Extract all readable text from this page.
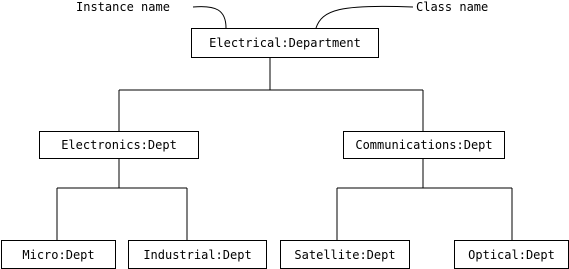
Instance name	Class name
Electrical:Department
Electronics:Dept	Communications:Dept
Micro:Dept	Industrial:Dept	Satellite:Dept	Optical:Dept
